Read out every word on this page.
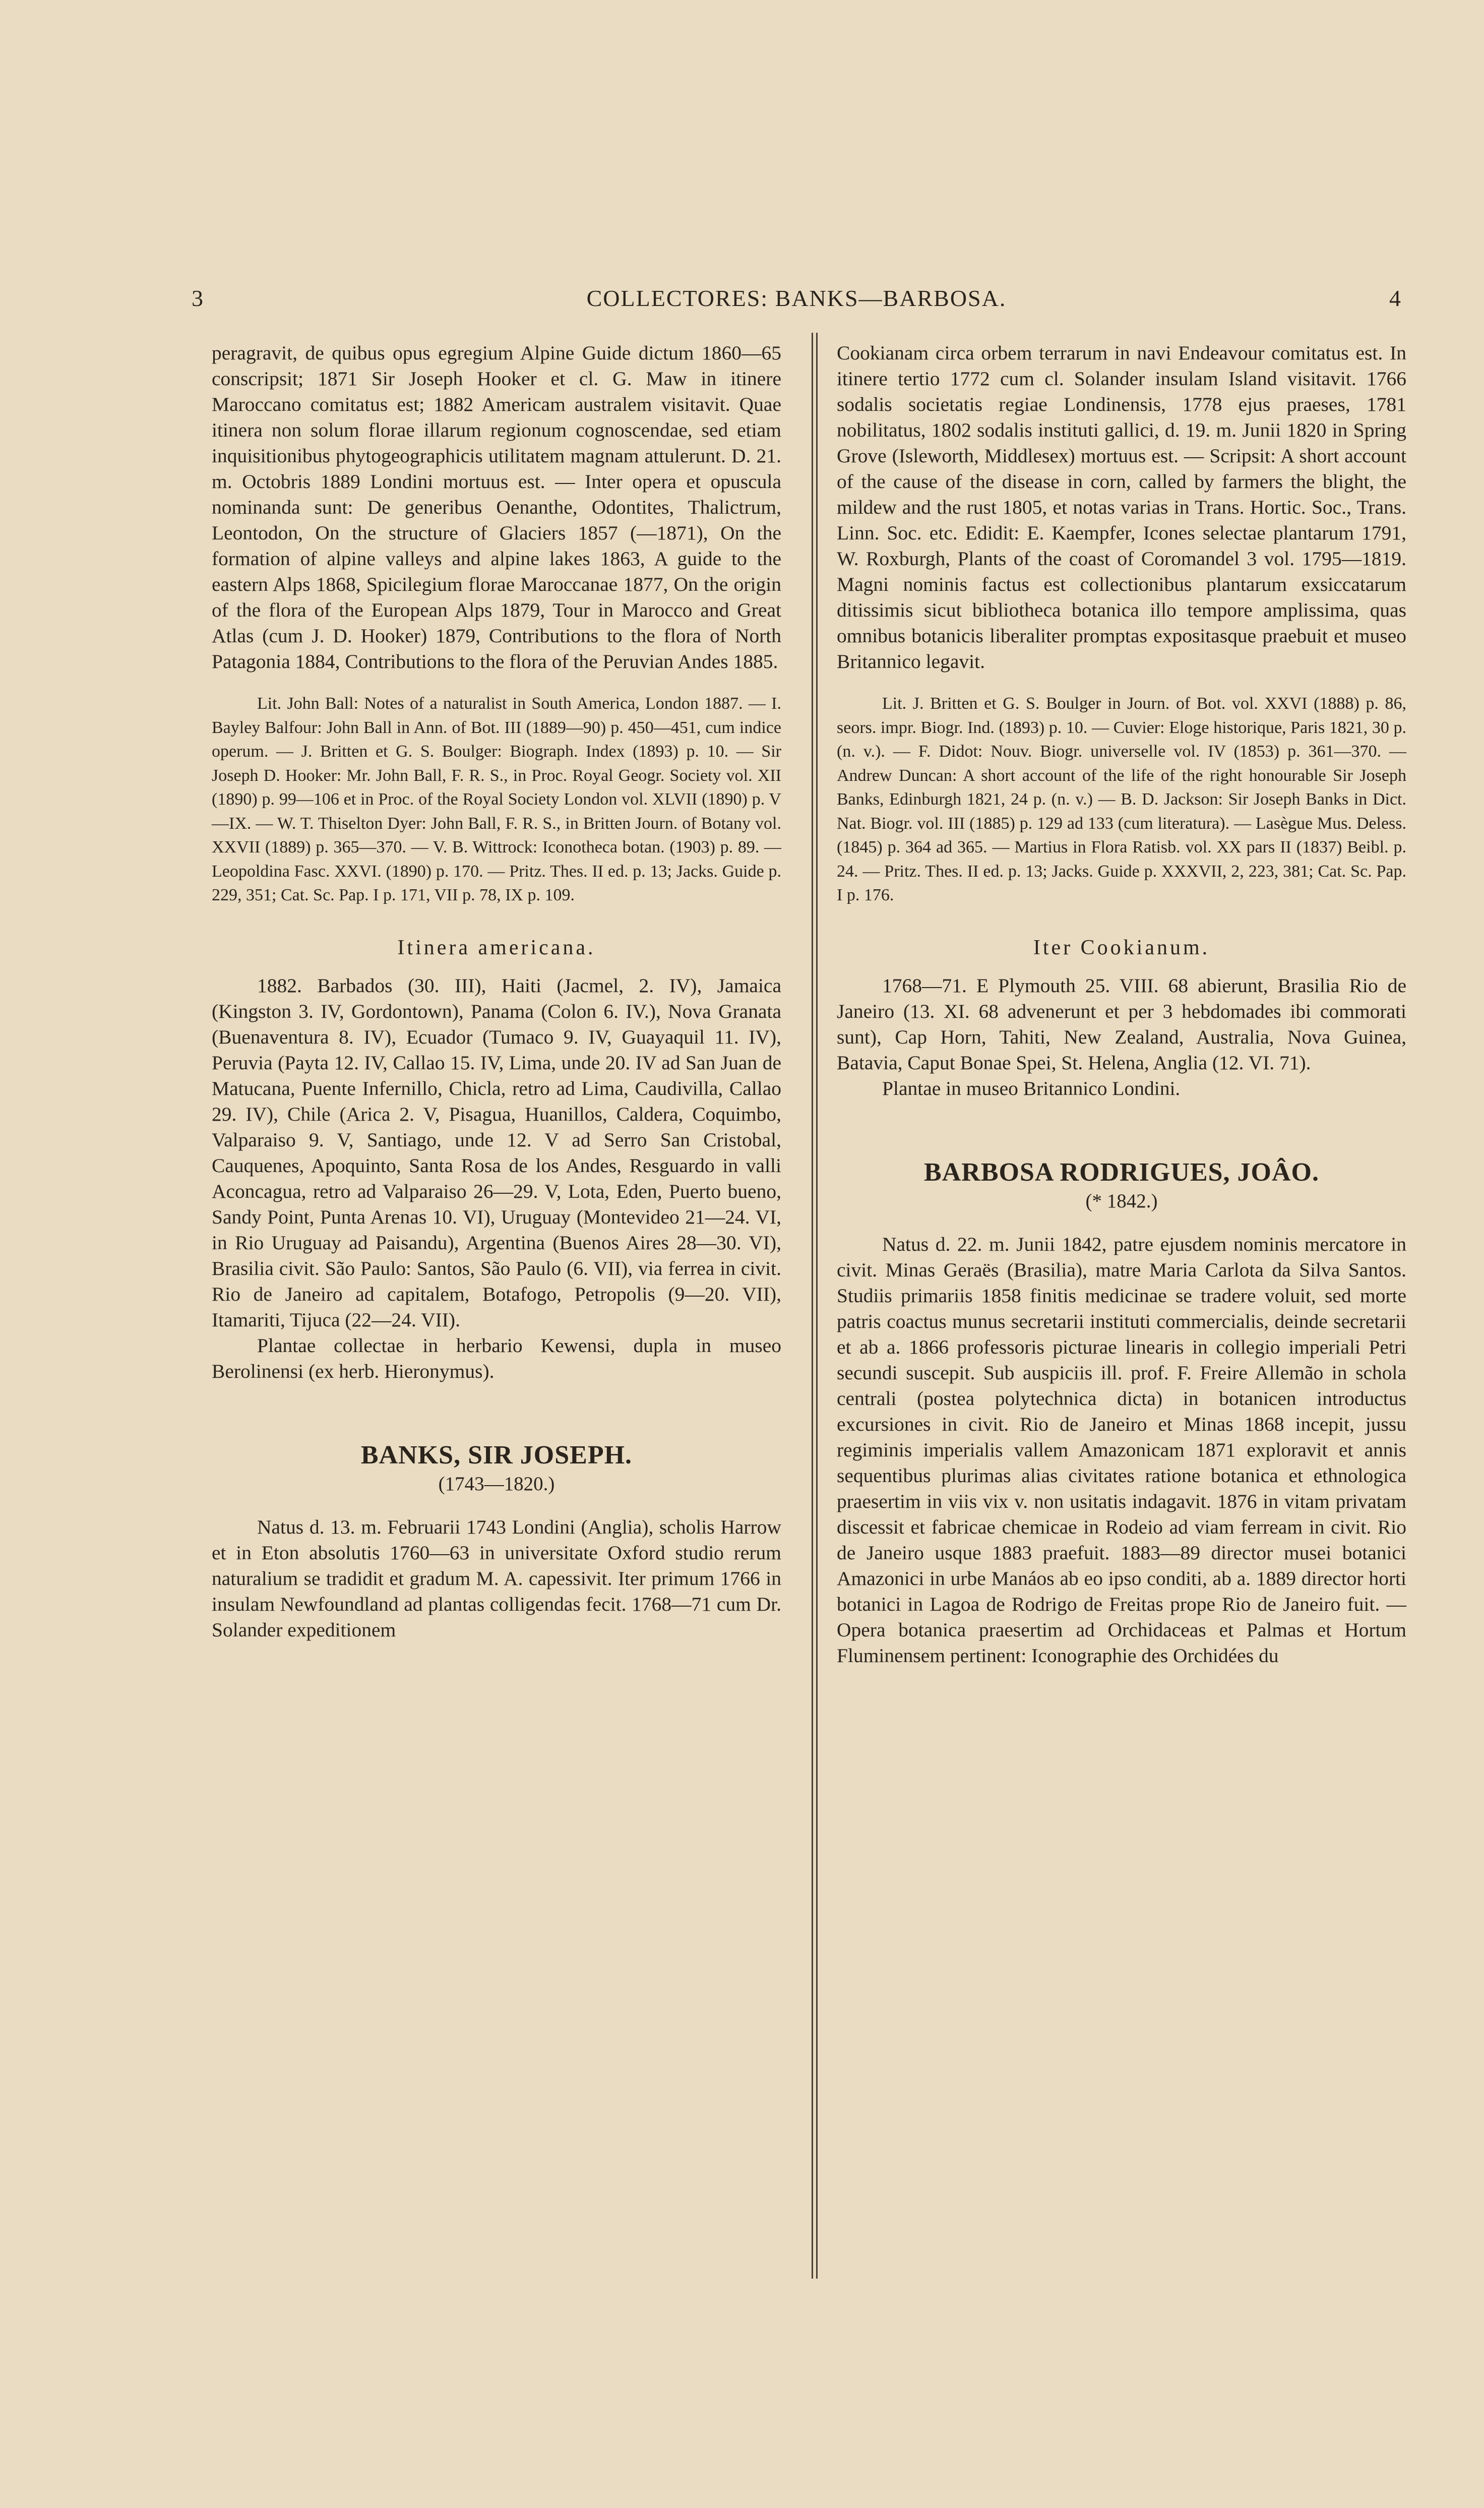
3	COLLECTORES: BANKS—BARBOSA.	4

peragravit, de quibus opus egregium Alpine Guide dictum 1860—65 conscripsit; 1871 Sir Joseph Hooker et cl. G. Maw in itinere Maroccano comitatus est; 1882 Americam australem visitavit. Quae itinera non solum florae illarum regionum cognoscendae, sed etiam inquisitionibus phytogeographicis utilitatem magnam attulerunt. D. 21. m. Octobris 1889 Londini mortuus est. — Inter opera et opuscula nominanda sunt: De generibus Oenanthe, Odontites, Thalictrum, Leontodon, On the structure of Glaciers 1857 (—1871), On the formation of alpine valleys and alpine lakes 1863, A guide to the eastern Alps 1868, Spicilegium florae Maroccanae 1877, On the origin of the flora of the European Alps 1879, Tour in Marocco and Great Atlas (cum J. D. Hooker) 1879, Contributions to the flora of North Patagonia 1884, Contributions to the flora of the Peruvian Andes 1885.

Lit. John Ball: Notes of a naturalist in South America, London 1887. — I. Bayley Balfour: John Ball in Ann. of Bot. III (1889—90) p. 450—451, cum indice operum. — J. Britten et G. S. Boulger: Biograph. Index (1893) p. 10. — Sir Joseph D. Hooker: Mr. John Ball, F. R. S., in Proc. Royal Geogr. Society vol. XII (1890) p. 99—106 et in Proc. of the Royal Society London vol. XLVII (1890) p. V—IX. — W. T. Thiselton Dyer: John Ball, F. R. S., in Britten Journ. of Botany vol. XXVII (1889) p. 365—370. — V. B. Wittrock: Iconotheca botan. (1903) p. 89. — Leopoldina Fasc. XXVI. (1890) p. 170. — Pritz. Thes. II ed. p. 13; Jacks. Guide p. 229, 351; Cat. Sc. Pap. I p. 171, VII p. 78, IX p. 109.

Itinera americana.

1882. Barbados (30. III), Haiti (Jacmel, 2. IV), Jamaica (Kingston 3. IV, Gordontown), Panama (Colon 6. IV.), Nova Granata (Buenaventura 8. IV), Ecuador (Tumaco 9. IV, Guayaquil 11. IV), Peruvia (Payta 12. IV, Callao 15. IV, Lima, unde 20. IV ad San Juan de Matucana, Puente Infernillo, Chicla, retro ad Lima, Caudivilla, Callao 29. IV), Chile (Arica 2. V, Pisagua, Huanillos, Caldera, Coquimbo, Valparaiso 9. V, Santiago, unde 12. V ad Serro San Cristobal, Cauquenes, Apoquinto, Santa Rosa de los Andes, Resguardo in valli Aconcagua, retro ad Valparaiso 26—29. V, Lota, Eden, Puerto bueno, Sandy Point, Punta Arenas 10. VI), Uruguay (Montevideo 21—24. VI, in Rio Uruguay ad Paisandu), Argentina (Buenos Aires 28—30. VI), Brasilia civit. São Paulo: Santos, São Paulo (6. VII), via ferrea in civit. Rio de Janeiro ad capitalem, Botafogo, Petropolis (9—20. VII), Itamariti, Tijuca (22—24. VII).

Plantae collectae in herbario Kewensi, dupla in museo Berolinensi (ex herb. Hieronymus).

BANKS, SIR JOSEPH.
(1743—1820.)

Natus d. 13. m. Februarii 1743 Londini (Anglia), scholis Harrow et in Eton absolutis 1760—63 in universitate Oxford studio rerum naturalium se tradidit et gradum M. A. capessivit. Iter primum 1766 in insulam Newfoundland ad plantas colligendas fecit. 1768—71 cum Dr. Solander expeditionem

Cookianam circa orbem terrarum in navi Endeavour comitatus est. In itinere tertio 1772 cum cl. Solander insulam Island visitavit. 1766 sodalis societatis regiae Londinensis, 1778 ejus praeses, 1781 nobilitatus, 1802 sodalis instituti gallici, d. 19. m. Junii 1820 in Spring Grove (Isleworth, Middlesex) mortuus est. — Scripsit: A short account of the cause of the disease in corn, called by farmers the blight, the mildew and the rust 1805, et notas varias in Trans. Hortic. Soc., Trans. Linn. Soc. etc. Edidit: E. Kaempfer, Icones selectae plantarum 1791, W. Roxburgh, Plants of the coast of Coromandel 3 vol. 1795—1819. Magni nominis factus est collectionibus plantarum exsiccatarum ditissimis sicut bibliotheca botanica illo tempore amplissima, quas omnibus botanicis liberaliter promptas expositasque praebuit et museo Britannico legavit.

Lit. J. Britten et G. S. Boulger in Journ. of Bot. vol. XXVI (1888) p. 86, seors. impr. Biogr. Ind. (1893) p. 10. — Cuvier: Eloge historique, Paris 1821, 30 p. (n. v.). — F. Didot: Nouv. Biogr. universelle vol. IV (1853) p. 361—370. — Andrew Duncan: A short account of the life of the right honourable Sir Joseph Banks, Edinburgh 1821, 24 p. (n. v.) — B. D. Jackson: Sir Joseph Banks in Dict. Nat. Biogr. vol. III (1885) p. 129 ad 133 (cum literatura). — Lasègue Mus. Deless. (1845) p. 364 ad 365. — Martius in Flora Ratisb. vol. XX pars II (1837) Beibl. p. 24. — Pritz. Thes. II ed. p. 13; Jacks. Guide p. XXXVII, 2, 223, 381; Cat. Sc. Pap. I p. 176.

Iter Cookianum.

1768—71. E Plymouth 25. VIII. 68 abierunt, Brasilia Rio de Janeiro (13. XI. 68 advenerunt et per 3 hebdomades ibi commorati sunt), Cap Horn, Tahiti, New Zealand, Australia, Nova Guinea, Batavia, Caput Bonae Spei, St. Helena, Anglia (12. VI. 71).

Plantae in museo Britannico Londini.

BARBOSA RODRIGUES, JOÂO.
(* 1842.)

Natus d. 22. m. Junii 1842, patre ejusdem nominis mercatore in civit. Minas Geraës (Brasilia), matre Maria Carlota da Silva Santos. Studiis primariis 1858 finitis medicinae se tradere voluit, sed morte patris coactus munus secretarii instituti commercialis, deinde secretarii et ab a. 1866 professoris picturae linearis in collegio imperiali Petri secundi suscepit. Sub auspiciis ill. prof. F. Freire Allemão in schola centrali (postea polytechnica dicta) in botanicen introductus excursiones in civit. Rio de Janeiro et Minas 1868 incepit, jussu regiminis imperialis vallem Amazonicam 1871 exploravit et annis sequentibus plurimas alias civitates ratione botanica et ethnologica praesertim in viis vix v. non usitatis indagavit. 1876 in vitam privatam discessit et fabricae chemicae in Rodeio ad viam ferream in civit. Rio de Janeiro usque 1883 praefuit. 1883—89 director musei botanici Amazonici in urbe Manáos ab eo ipso conditi, ab a. 1889 director horti botanici in Lagoa de Rodrigo de Freitas prope Rio de Janeiro fuit. — Opera botanica praesertim ad Orchidaceas et Palmas et Hortum Fluminensem pertinent: Iconographie des Orchidées du
